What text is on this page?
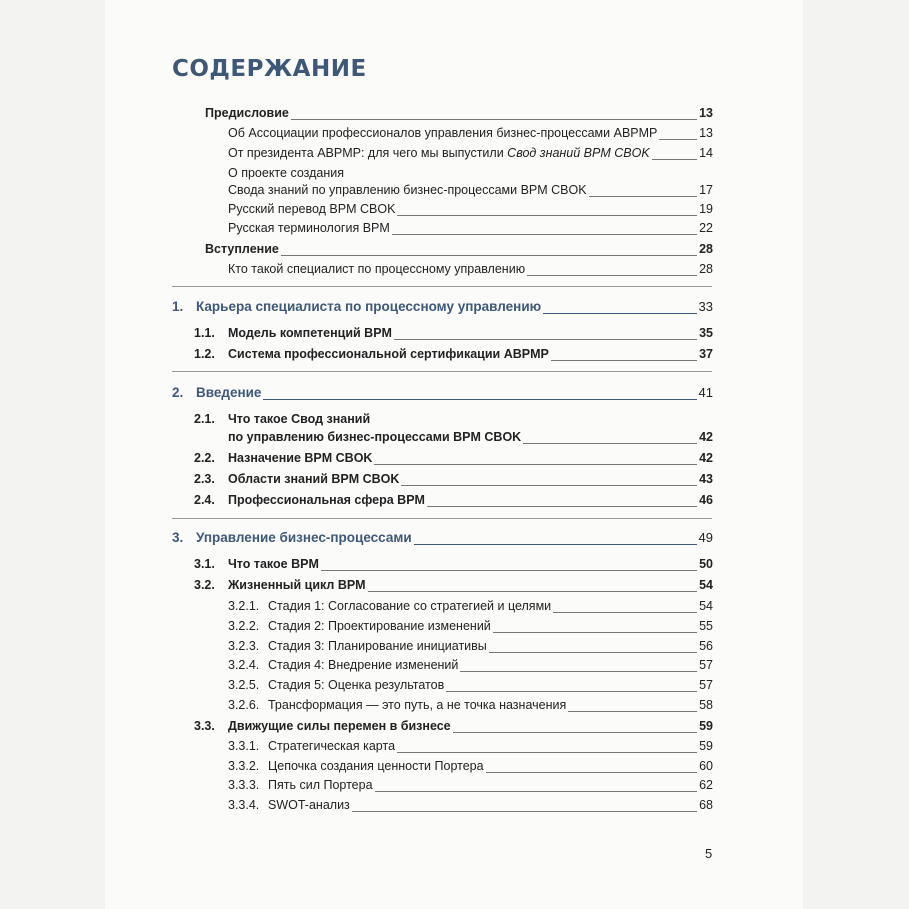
СОДЕРЖАНИЕ
Предисловие	13
Об Ассоциации профессионалов управления бизнес-процессами ABPMP	13
От президента ABPMP: для чего мы выпустили Свод знаний BPM CBOK	14
О проекте создания
Свода знаний по управлению бизнес-процессами BPM CBOK	17
Русский перевод BPM CBOK	19
Русская терминология BPM	22
Вступление	28
Кто такой специалист по процессному управлению	28
1. Карьера специалиста по процессному управлению	33
1.1. Модель компетенций BPM	35
1.2. Система профессиональной сертификации ABPMP	37
2. Введение	41
2.1. Что такое Свод знаний
по управлению бизнес-процессами BPM CBOK	42
2.2. Назначение BPM CBOK	42
2.3. Области знаний BPM CBOK	43
2.4. Профессиональная сфера BPM	46
3. Управление бизнес-процессами	49
3.1. Что такое BPM	50
3.2. Жизненный цикл BPM	54
3.2.1. Стадия 1: Согласование со стратегией и целями	54
3.2.2. Стадия 2: Проектирование изменений	55
3.2.3. Стадия 3: Планирование инициативы	56
3.2.4. Стадия 4: Внедрение изменений	57
3.2.5. Стадия 5: Оценка результатов	57
3.2.6. Трансформация — это путь, а не точка назначения	58
3.3. Движущие силы перемен в бизнесе	59
3.3.1. Стратегическая карта	59
3.3.2. Цепочка создания ценности Портера	60
3.3.3. Пять сил Портера	62
3.3.4. SWOT-анализ	68
5
